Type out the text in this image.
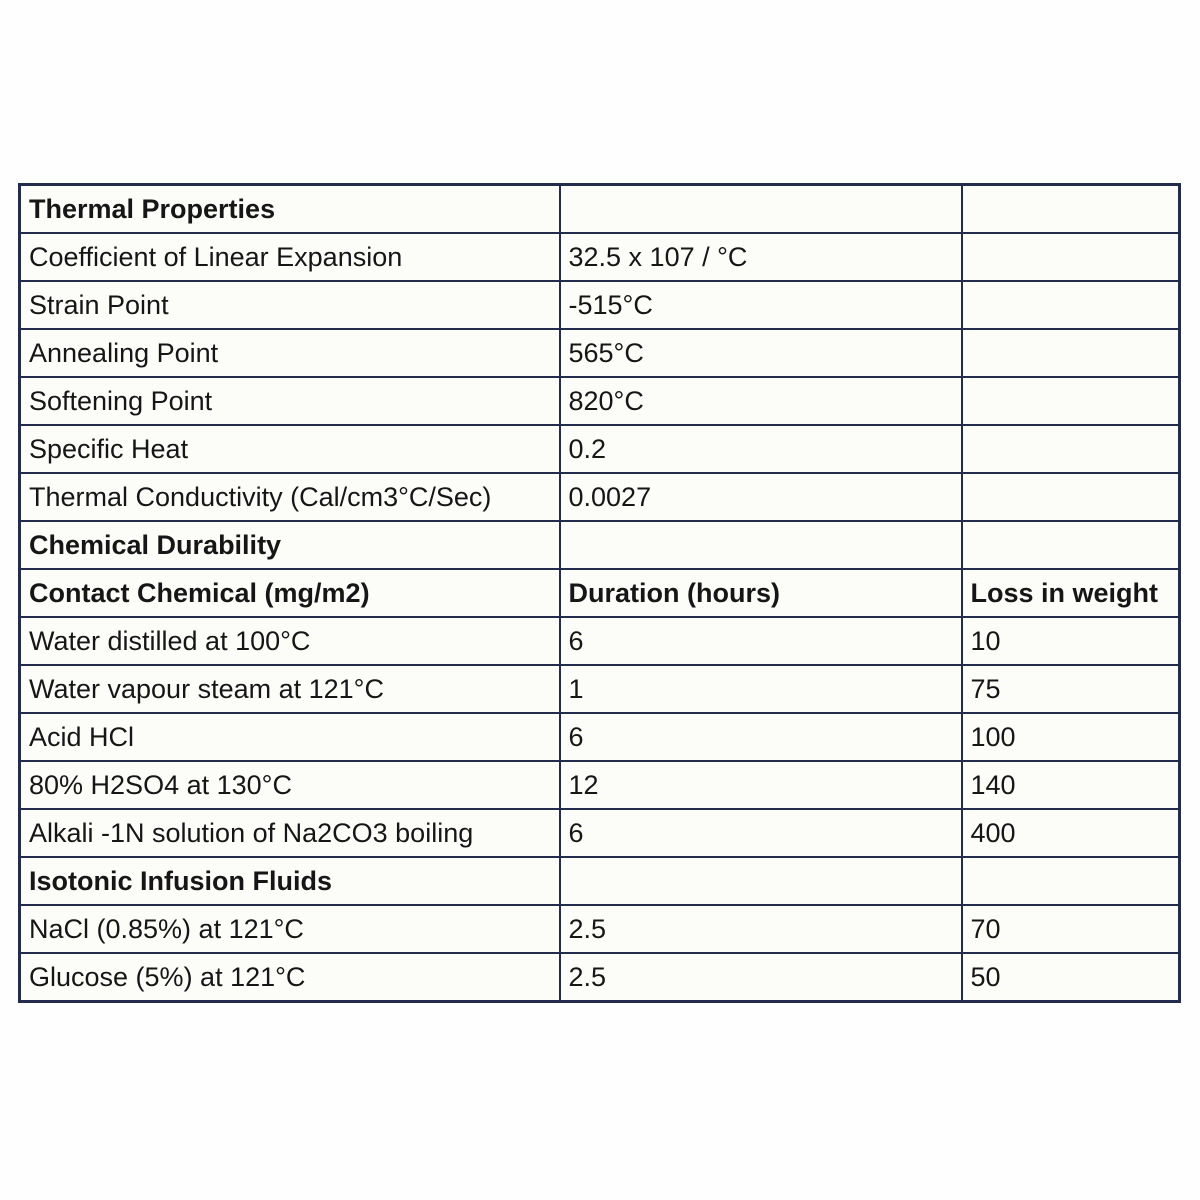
Thermal Properties		
Coefficient of Linear Expansion	32.5 x 107 / °C	
Strain Point	-515°C	
Annealing Point	565°C	
Softening Point	820°C	
Specific Heat	0.2	
Thermal Conductivity (Cal/cm3°C/Sec)	0.0027	
Chemical Durability		
Contact Chemical (mg/m2)	Duration (hours)	Loss in weight
Water distilled at 100°C	6	10
Water vapour steam at 121°C	1	75
Acid HCl	6	100
80% H2SO4 at 130°C	12	140
Alkali -1N solution of Na2CO3 boiling	6	400
Isotonic Infusion Fluids		
NaCl (0.85%) at 121°C	2.5	70
Glucose (5%) at 121°C	2.5	50
